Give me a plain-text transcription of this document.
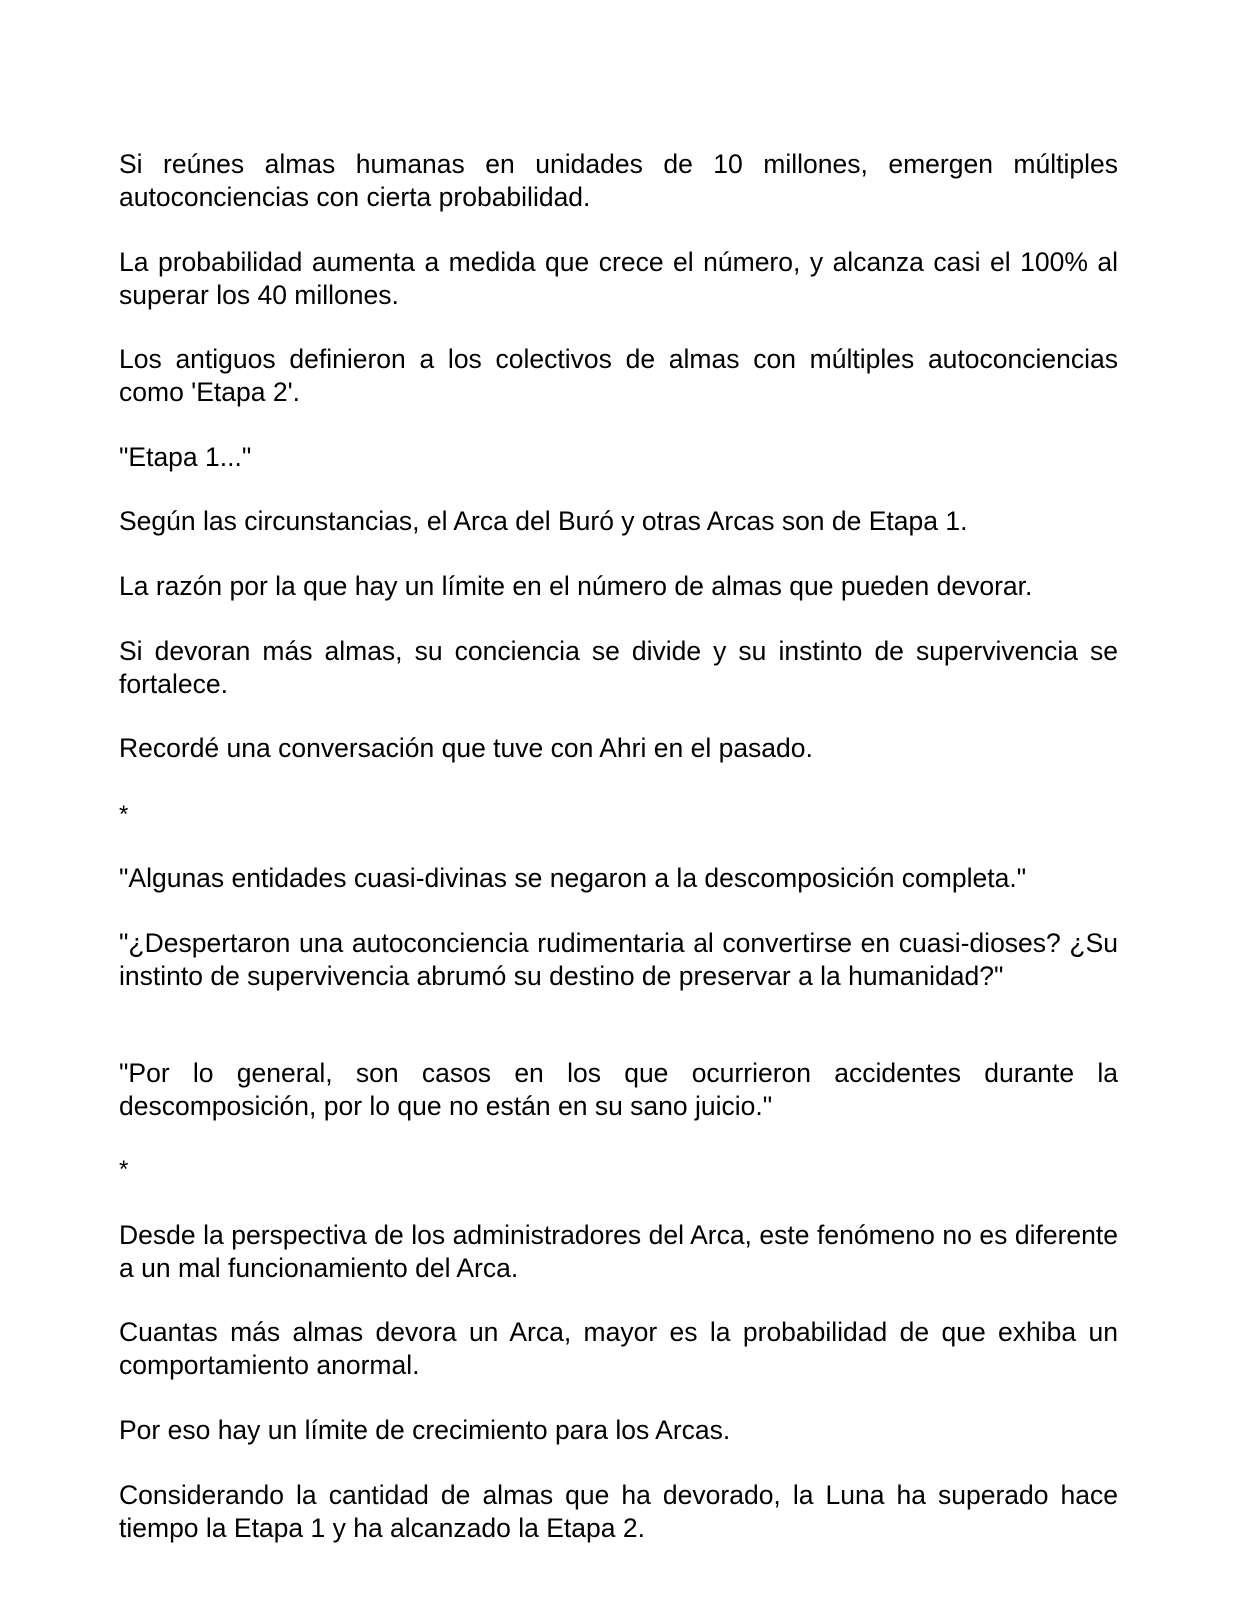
Si reúnes almas humanas en unidades de 10 millones, emergen múltiples autoconciencias con cierta probabilidad.

La probabilidad aumenta a medida que crece el número, y alcanza casi el 100% al superar los 40 millones.

Los antiguos definieron a los colectivos de almas con múltiples autoconciencias como 'Etapa 2'.

"Etapa 1..."

Según las circunstancias, el Arca del Buró y otras Arcas son de Etapa 1.

La razón por la que hay un límite en el número de almas que pueden devorar.

Si devoran más almas, su conciencia se divide y su instinto de supervivencia se fortalece.

Recordé una conversación que tuve con Ahri en el pasado.

*

"Algunas entidades cuasi-divinas se negaron a la descomposición completa."

"¿Despertaron una autoconciencia rudimentaria al convertirse en cuasi-dioses? ¿Su instinto de supervivencia abrumó su destino de preservar a la humanidad?"

"Por lo general, son casos en los que ocurrieron accidentes durante la descomposición, por lo que no están en su sano juicio."

*

Desde la perspectiva de los administradores del Arca, este fenómeno no es diferente a un mal funcionamiento del Arca.

Cuantas más almas devora un Arca, mayor es la probabilidad de que exhiba un comportamiento anormal.

Por eso hay un límite de crecimiento para los Arcas.

Considerando la cantidad de almas que ha devorado, la Luna ha superado hace tiempo la Etapa 1 y ha alcanzado la Etapa 2.
